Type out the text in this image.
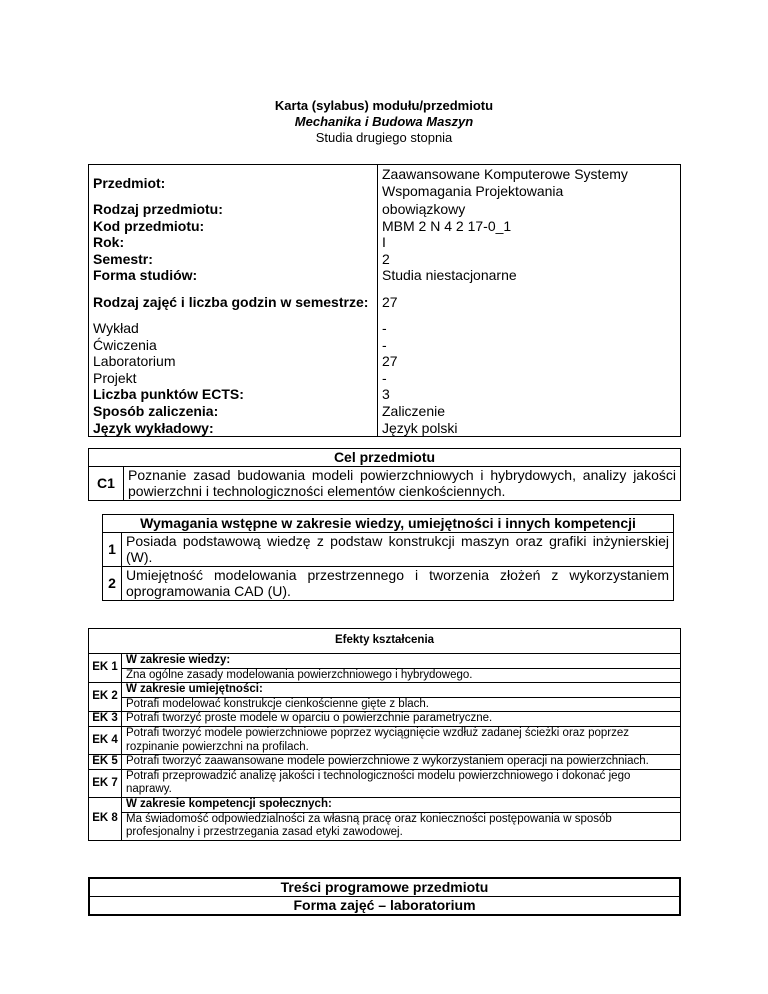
Karta (sylabus) modułu/przedmiotu
Mechanika i Budowa Maszyn
Studia drugiego stopnia
Przedmiot:	Zaawansowane Komputerowe Systemy Wspomagania Projektowania
Rodzaj przedmiotu:	obowiązkowy
Kod przedmiotu:	MBM 2 N 4 2 17-0_1
Rok:	I
Semestr:	2
Forma studiów:	Studia niestacjonarne
Rodzaj zajęć i liczba godzin w semestrze:	27
Wykład	-
Ćwiczenia	-
Laboratorium	27
Projekt	-
Liczba punktów ECTS:	3
Sposób zaliczenia:	Zaliczenie
Język wykładowy:	Język polski
Cel przedmiotu
C1	Poznanie zasad budowania modeli powierzchniowych i hybrydowych, analizy jakości powierzchni i technologiczności elementów cienkościennych.
Wymagania wstępne w zakresie wiedzy, umiejętności i innych kompetencji	
1	Posiada podstawową wiedzę z podstaw konstrukcji maszyn oraz grafiki inżynierskiej (W).
2	Umiejętność modelowania przestrzennego i tworzenia złożeń z wykorzystaniem oprogramowania CAD (U).
Efekty kształcenia	
EK 1	W zakresie wiedzy:
	Zna ogólne zasady modelowania powierzchniowego i hybrydowego.
EK 2	W zakresie umiejętności:
	Potrafi modelować konstrukcje cienkościenne gięte z blach.
EK 3	Potrafi tworzyć proste modele w oparciu o powierzchnie parametryczne.
EK 4	Potrafi tworzyć modele powierzchniowe poprzez wyciągnięcie wzdłuż zadanej ścieżki oraz poprzez rozpinanie powierzchni na profilach.
EK 5	Potrafi tworzyć zaawansowane modele powierzchniowe z wykorzystaniem operacji na powierzchniach.
EK 7	Potrafi przeprowadzić analizę jakości i technologiczności modelu powierzchniowego i dokonać jego naprawy.
EK 8	W zakresie kompetencji społecznych:
	Ma świadomość odpowiedzialności za własną pracę oraz konieczności postępowania w sposób profesjonalny i przestrzegania zasad etyki zawodowej.
Treści programowe przedmiotu
Forma zajęć – laboratorium
